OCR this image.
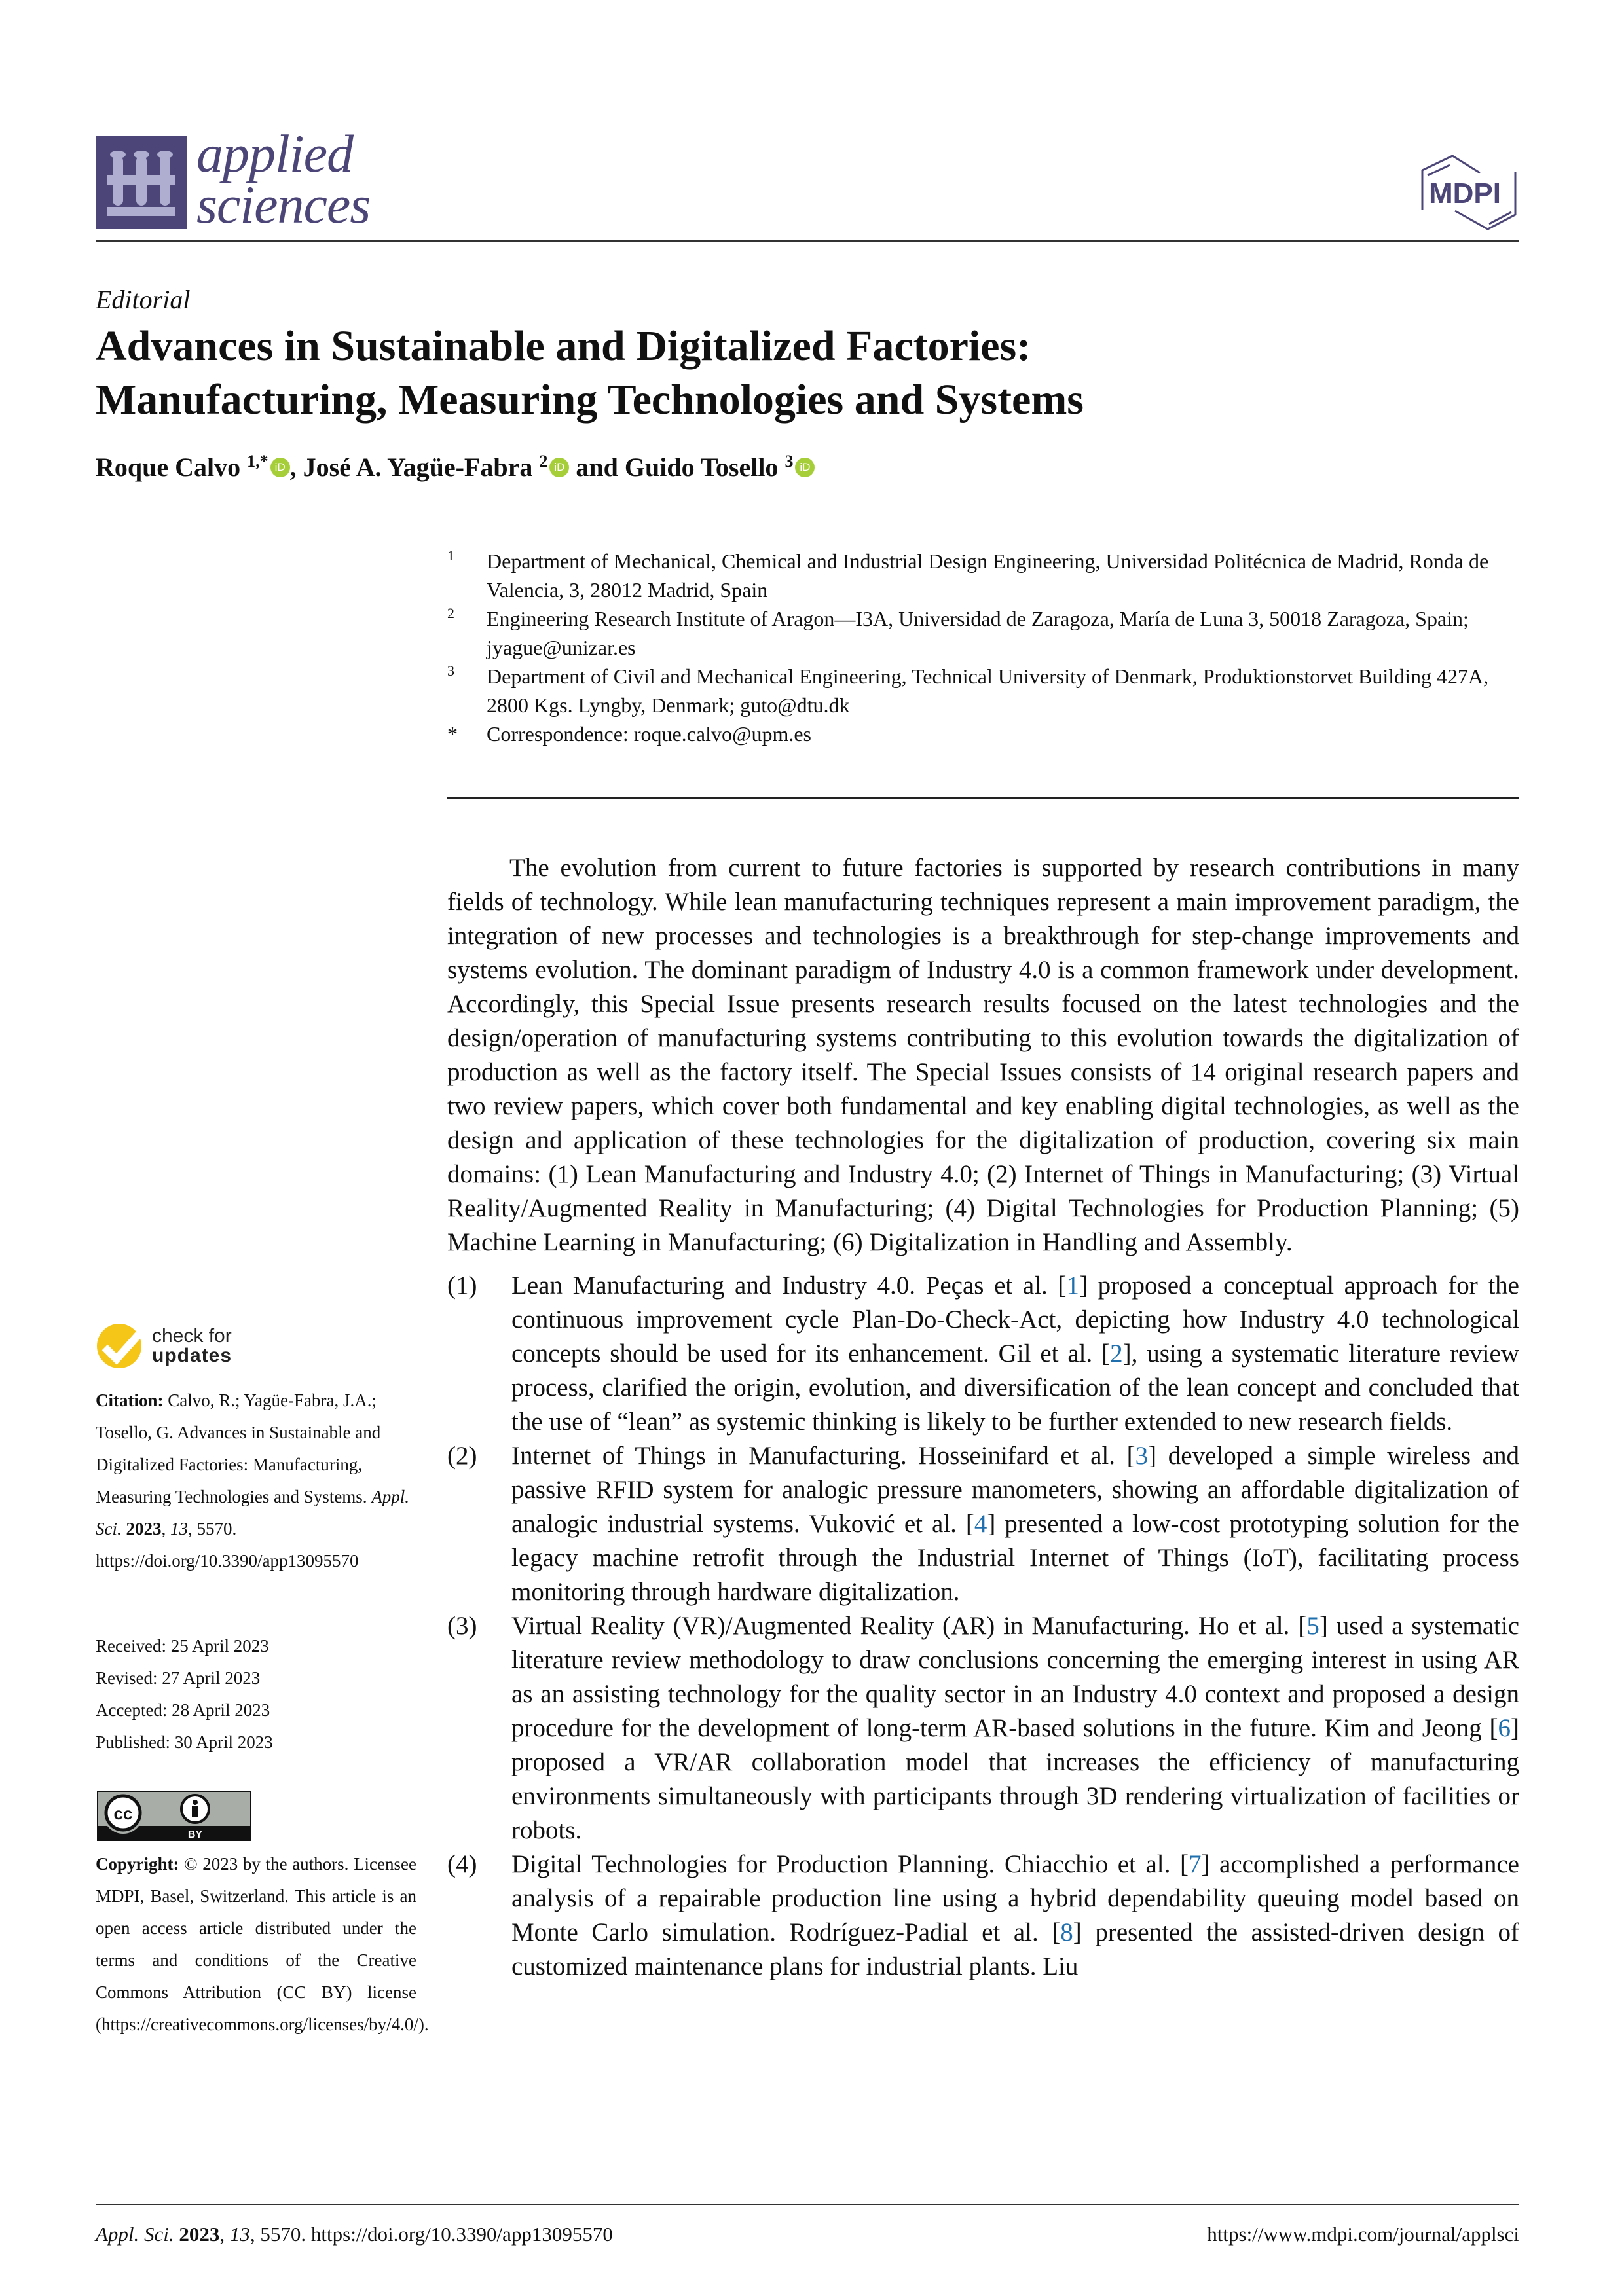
applied
sciences	MDPI
Editorial
Advances in Sustainable and Digitalized Factories:
Manufacturing, Measuring Technologies and Systems
Roque Calvo $^{1,*}$ iD , José A. Yagüe-Fabra $^2$ iD and Guido Tosello $^3$ iD
1 Department of Mechanical, Chemical and Industrial Design Engineering, Universidad Politécnica de Madrid, Ronda de Valencia, 3, 28012 Madrid, Spain
2 Engineering Research Institute of Aragon—I3A, Universidad de Zaragoza, María de Luna 3, 50018 Zaragoza, Spain; jyague@unizar.es
3 Department of Civil and Mechanical Engineering, Technical University of Denmark, Produktionstorvet Building 427A, 2800 Kgs. Lyngby, Denmark; guto@dtu.dk
* Correspondence: roque.calvo@upm.es
check for
updates
Citation: Calvo, R.; Yagüe-Fabra, J.A.; Tosello, G. Advances in Sustainable and Digitalized Factories: Manufacturing, Measuring Technologies and Systems. Appl. Sci. 2023, 13, 5570. https://doi.org/10.3390/app13095570
Received: 25 April 2023
Revised: 27 April 2023
Accepted: 28 April 2023
Published: 30 April 2023
cc
BY
Copyright: © 2023 by the authors. Licensee MDPI, Basel, Switzerland. This article is an open access article distributed under the terms and conditions of the Creative Commons Attribution (CC BY) license (https://creativecommons.org/licenses/by/4.0/).

The evolution from current to future factories is supported by research contributions in many fields of technology. While lean manufacturing techniques represent a main improvement paradigm, the integration of new processes and technologies is a breakthrough for step-change improvements and systems evolution. The dominant paradigm of Industry 4.0 is a common framework under development. Accordingly, this Special Issue presents research results focused on the latest technologies and the design/operation of manufacturing systems contributing to this evolution towards the digitalization of production as well as the factory itself. The Special Issues consists of 14 original research papers and two review papers, which cover both fundamental and key enabling digital technologies, as well as the design and application of these technologies for the digitalization of production, covering six main domains: (1) Lean Manufacturing and Industry 4.0; (2) Internet of Things in Manufacturing; (3) Virtual Reality/Augmented Reality in Manufacturing; (4) Digital Technologies for Production Planning; (5) Machine Learning in Manufacturing; (6) Digitalization in Handling and Assembly.

(1) Lean Manufacturing and Industry 4.0. Peças et al. [1] proposed a conceptual approach for the continuous improvement cycle Plan-Do-Check-Act, depicting how Industry 4.0 technological concepts should be used for its enhancement. Gil et al. [2], using a systematic literature review process, clarified the origin, evolution, and diversification of the lean concept and concluded that the use of “lean” as systemic thinking is likely to be further extended to new research fields.
(2) Internet of Things in Manufacturing. Hosseinifard et al. [3] developed a simple wireless and passive RFID system for analogic pressure manometers, showing an affordable digitalization of analogic industrial systems. Vuković et al. [4] presented a low-cost prototyping solution for the legacy machine retrofit through the Industrial Internet of Things (IoT), facilitating process monitoring through hardware digitalization.
(3) Virtual Reality (VR)/Augmented Reality (AR) in Manufacturing. Ho et al. [5] used a systematic literature review methodology to draw conclusions concerning the emerging interest in using AR as an assisting technology for the quality sector in an Industry 4.0 context and proposed a design procedure for the development of long-term AR-based solutions in the future. Kim and Jeong [6] proposed a VR/AR collaboration model that increases the efficiency of manufacturing environments simultaneously with participants through 3D rendering virtualization of facilities or robots.
(4) Digital Technologies for Production Planning. Chiacchio et al. [7] accomplished a performance analysis of a repairable production line using a hybrid dependability queuing model based on Monte Carlo simulation. Rodríguez-Padial et al. [8] presented the assisted-driven design of customized maintenance plans for industrial plants. Liu
Appl. Sci. 2023, 13, 5570. https://doi.org/10.3390/app13095570	https://www.mdpi.com/journal/applsci
